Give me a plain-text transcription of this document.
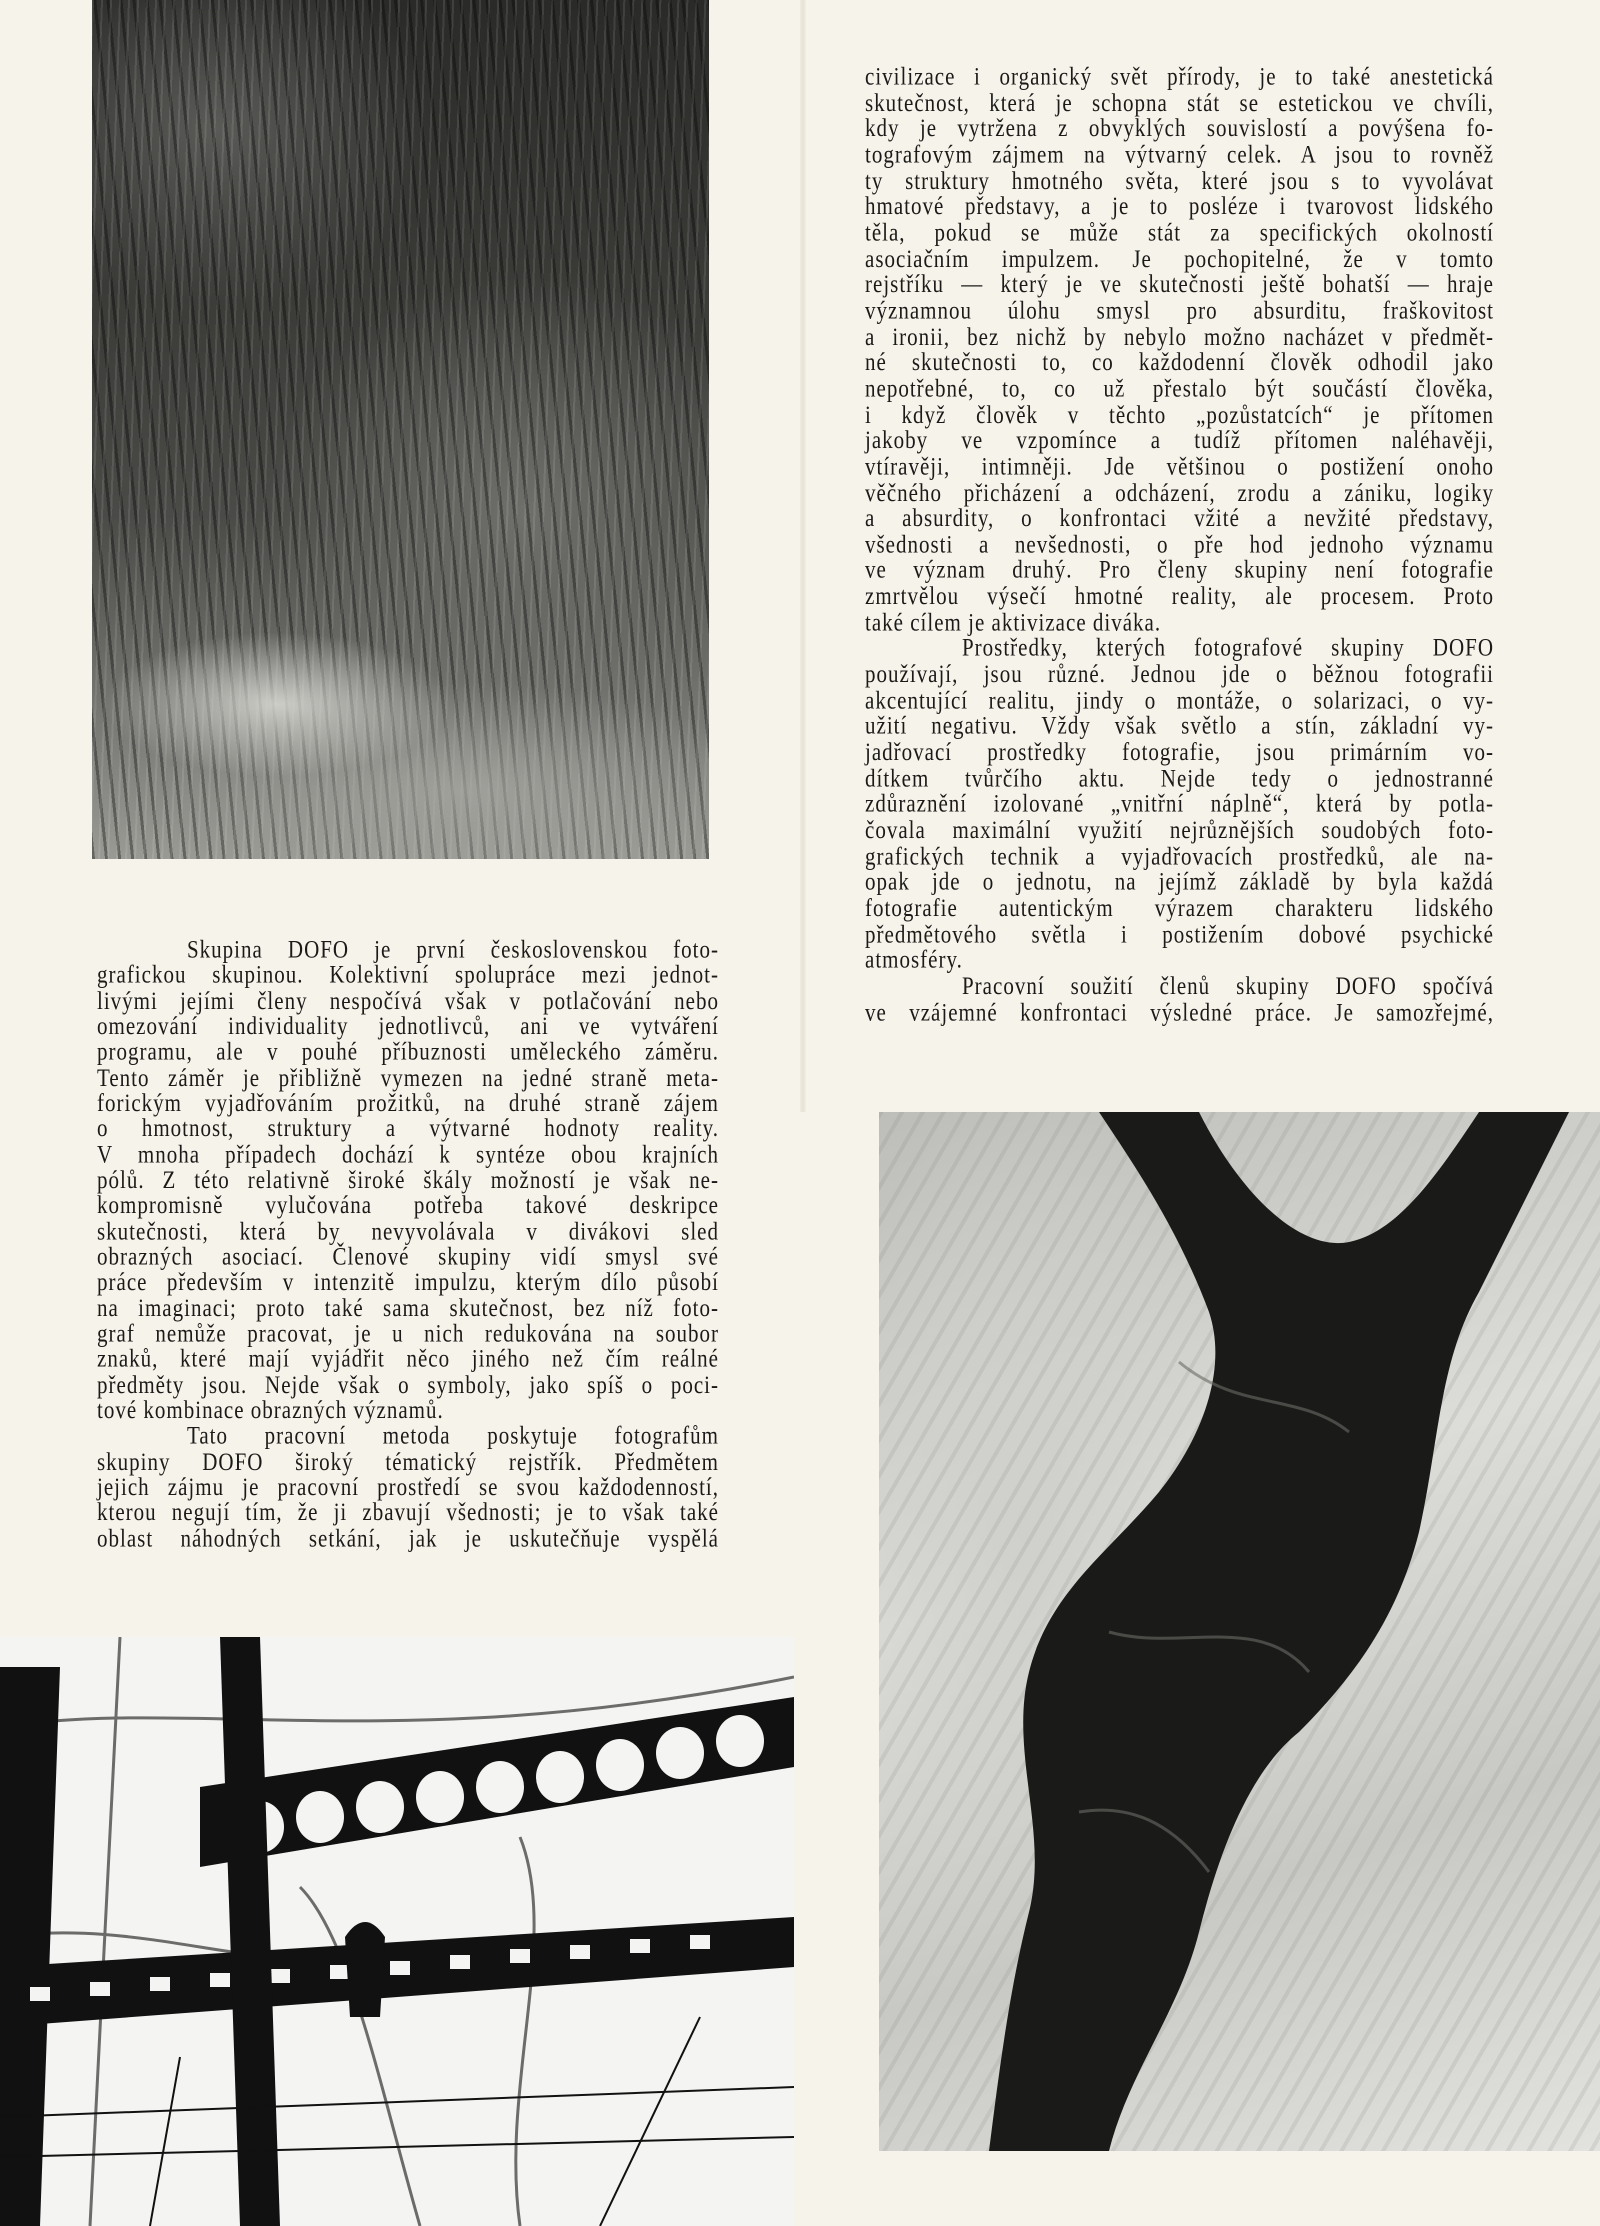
Skupina DOFO je první československou foto-
grafickou skupinou. Kolektivní spolupráce mezi jednot-
livými jejími členy nespočívá však v potlačování nebo
omezování individuality jednotlivců, ani ve vytváření
programu, ale v pouhé příbuznosti uměleckého záměru.
Tento záměr je přibližně vymezen na jedné straně meta-
forickým vyjadřováním prožitků, na druhé straně zájem
o hmotnost, struktury a výtvarné hodnoty reality.
V mnoha případech dochází k syntéze obou krajních
pólů. Z této relativně široké škály možností je však ne-
kompromisně vylučována potřeba takové deskripce
skutečnosti, která by nevyvolávala v divákovi sled
obrazných asociací. Členové skupiny vidí smysl své
práce především v intenzitě impulzu, kterým dílo působí
na imaginaci; proto také sama skutečnost, bez níž foto-
graf nemůže pracovat, je u nich redukována na soubor
znaků, které mají vyjádřit něco jiného než čím reálné
předměty jsou. Nejde však o symboly, jako spíš o poci-
tové kombinace obrazných významů.
Tato pracovní metoda poskytuje fotografům
skupiny DOFO široký tématický rejstřík. Předmětem
jejich zájmu je pracovní prostředí se svou každodenností,
kterou negují tím, že ji zbavují všednosti; je to však také
oblast náhodných setkání, jak je uskutečňuje vyspělá
civilizace i organický svět přírody, je to také anestetická
skutečnost, která je schopna stát se estetickou ve chvíli,
kdy je vytržena z obvyklých souvislostí a povýšena fo-
tografovým zájmem na výtvarný celek. A jsou to rovněž
ty struktury hmotného světa, které jsou s to vyvolávat
hmatové představy, a je to posléze i tvarovost lidského
těla, pokud se může stát za specifických okolností
asociačním impulzem. Je pochopitelné, že v tomto
rejstříku — který je ve skutečnosti ještě bohatší — hraje
významnou úlohu smysl pro absurditu, fraškovitost
a ironii, bez nichž by nebylo možno nacházet v předmět-
né skutečnosti to, co každodenní člověk odhodil jako
nepotřebné, to, co už přestalo být součástí člověka,
i když člověk v těchto „pozůstatcích“ je přítomen
jakoby ve vzpomínce a tudíž přítomen naléhavěji,
vtíravěji, intimněji. Jde většinou o postižení onoho
věčného přicházení a odcházení, zrodu a zániku, logiky
a absurdity, o konfrontaci vžité a nevžité představy,
všednosti a nevšednosti, o pře hod jednoho významu
ve význam druhý. Pro členy skupiny není fotografie
zmrtvělou výsečí hmotné reality, ale procesem. Proto
také cílem je aktivizace diváka.
Prostředky, kterých fotografové skupiny DOFO
používají, jsou různé. Jednou jde o běžnou fotografii
akcentující realitu, jindy o montáže, o solarizaci, o vy-
užití negativu. Vždy však světlo a stín, základní vy-
jadřovací prostředky fotografie, jsou primárním vo-
dítkem tvůrčího aktu. Nejde tedy o jednostranné
zdůraznění izolované „vnitřní náplně“, která by potla-
čovala maximální využití nejrůznějších soudobých foto-
grafických technik a vyjadřovacích prostředků, ale na-
opak jde o jednotu, na jejímž základě by byla každá
fotografie autentickým výrazem charakteru lidského
předmětového světla i postižením dobové psychické
atmosféry.
Pracovní soužití členů skupiny DOFO spočívá
ve vzájemné konfrontaci výsledné práce. Je samozřejmé,
